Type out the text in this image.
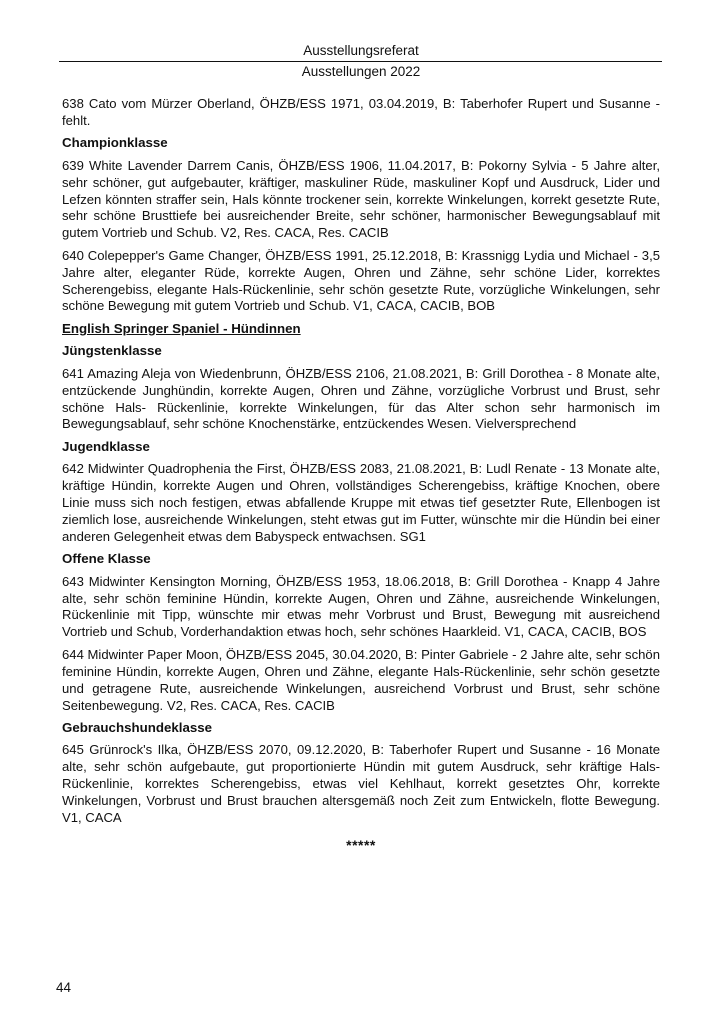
Ausstellungsreferat
Ausstellungen 2022

638 Cato vom Mürzer Oberland, ÖHZB/ESS 1971, 03.04.2019, B: Taberhofer Rupert und Susanne - fehlt.

Championklasse

639 White Lavender Darrem Canis, ÖHZB/ESS 1906, 11.04.2017, B: Pokorny Sylvia - 5 Jahre alter, sehr schöner, gut aufgebauter, kräftiger, maskuliner Rüde, maskuliner Kopf und Ausdruck, Lider und Lefzen könnten straffer sein, Hals könnte trockener sein, korrekte Winkelungen, korrekt gesetzte Rute, sehr schöne Brusttiefe bei ausreichender Breite, sehr schöner, harmonischer Bewegungsablauf mit gutem Vortrieb und Schub. V2, Res. CACA, Res. CACIB

640 Colepepper's Game Changer, ÖHZB/ESS 1991, 25.12.2018, B: Krassnigg Lydia und Michael - 3,5 Jahre alter, eleganter Rüde, korrekte Augen, Ohren und Zähne, sehr schöne Lider, korrektes Scherengebiss, elegante Hals-Rückenlinie, sehr schön gesetzte Rute, vorzügliche Winkelungen, sehr schöne Bewegung mit gutem Vortrieb und Schub. V1, CACA, CACIB, BOB

English Springer Spaniel - Hündinnen

Jüngstenklasse

641 Amazing Aleja von Wiedenbrunn, ÖHZB/ESS 2106, 21.08.2021, B: Grill Dorothea - 8 Monate alte, entzückende Junghündin, korrekte Augen, Ohren und Zähne, vorzügliche Vorbrust und Brust, sehr schöne Hals- Rückenlinie, korrekte Winkelungen, für das Alter schon sehr harmonisch im Bewegungsablauf, sehr schöne Knochenstärke, entzückendes Wesen. Vielversprechend

Jugendklasse

642 Midwinter Quadrophenia the First, ÖHZB/ESS 2083, 21.08.2021, B: Ludl Renate - 13 Monate alte, kräftige Hündin, korrekte Augen und Ohren, vollständiges Scherengebiss, kräftige Knochen, obere Linie muss sich noch festigen, etwas abfallende Kruppe mit etwas tief gesetzter Rute, Ellenbogen ist ziemlich lose, ausreichende Winkelungen, steht etwas gut im Futter, wünschte mir die Hündin bei einer anderen Gelegenheit etwas dem Babyspeck entwachsen. SG1

Offene Klasse

643 Midwinter Kensington Morning, ÖHZB/ESS 1953, 18.06.2018, B: Grill Dorothea - Knapp 4 Jahre alte, sehr schön feminine Hündin, korrekte Augen, Ohren und Zähne, ausreichende Winkelungen, Rückenlinie mit Tipp, wünschte mir etwas mehr Vorbrust und Brust, Bewegung mit ausreichend Vortrieb und Schub, Vorderhandaktion etwas hoch, sehr schönes Haarkleid. V1, CACA, CACIB, BOS

644 Midwinter Paper Moon, ÖHZB/ESS 2045, 30.04.2020, B: Pinter Gabriele - 2 Jahre alte, sehr schön feminine Hündin, korrekte Augen, Ohren und Zähne, elegante Hals-Rückenlinie, sehr schön gesetzte und getragene Rute, ausreichende Winkelungen, ausreichend Vorbrust und Brust, sehr schöne Seitenbewegung. V2, Res. CACA, Res. CACIB

Gebrauchshundeklasse

645 Grünrock's Ilka, ÖHZB/ESS 2070, 09.12.2020, B: Taberhofer Rupert und Susanne - 16 Monate alte, sehr schön aufgebaute, gut proportionierte Hündin mit gutem Ausdruck, sehr kräftige Hals-Rückenlinie, korrektes Scherengebiss, etwas viel Kehlhaut, korrekt gesetztes Ohr, korrekte Winkelungen, Vorbrust und Brust brauchen altersgemäß noch Zeit zum Entwickeln, flotte Bewegung. V1, CACA

*****
44
